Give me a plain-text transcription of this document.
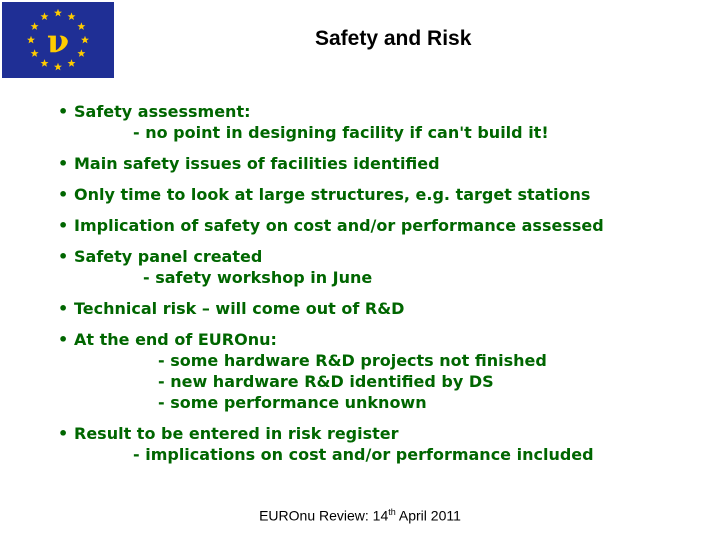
ν	Safety and Risk
• Safety assessment:
- no point in designing facility if can't build it!
• Main safety issues of facilities identified
• Only time to look at large structures, e.g. target stations
• Implication of safety on cost and/or performance assessed
• Safety panel created
- safety workshop in June
• Technical risk – will come out of R&D
• At the end of EUROnu:
- some hardware R&D projects not finished
- new hardware R&D identified by DS
- some performance unknown
• Result to be entered in risk register
- implications on cost and/or performance included
EUROnu Review: 14th April 2011
